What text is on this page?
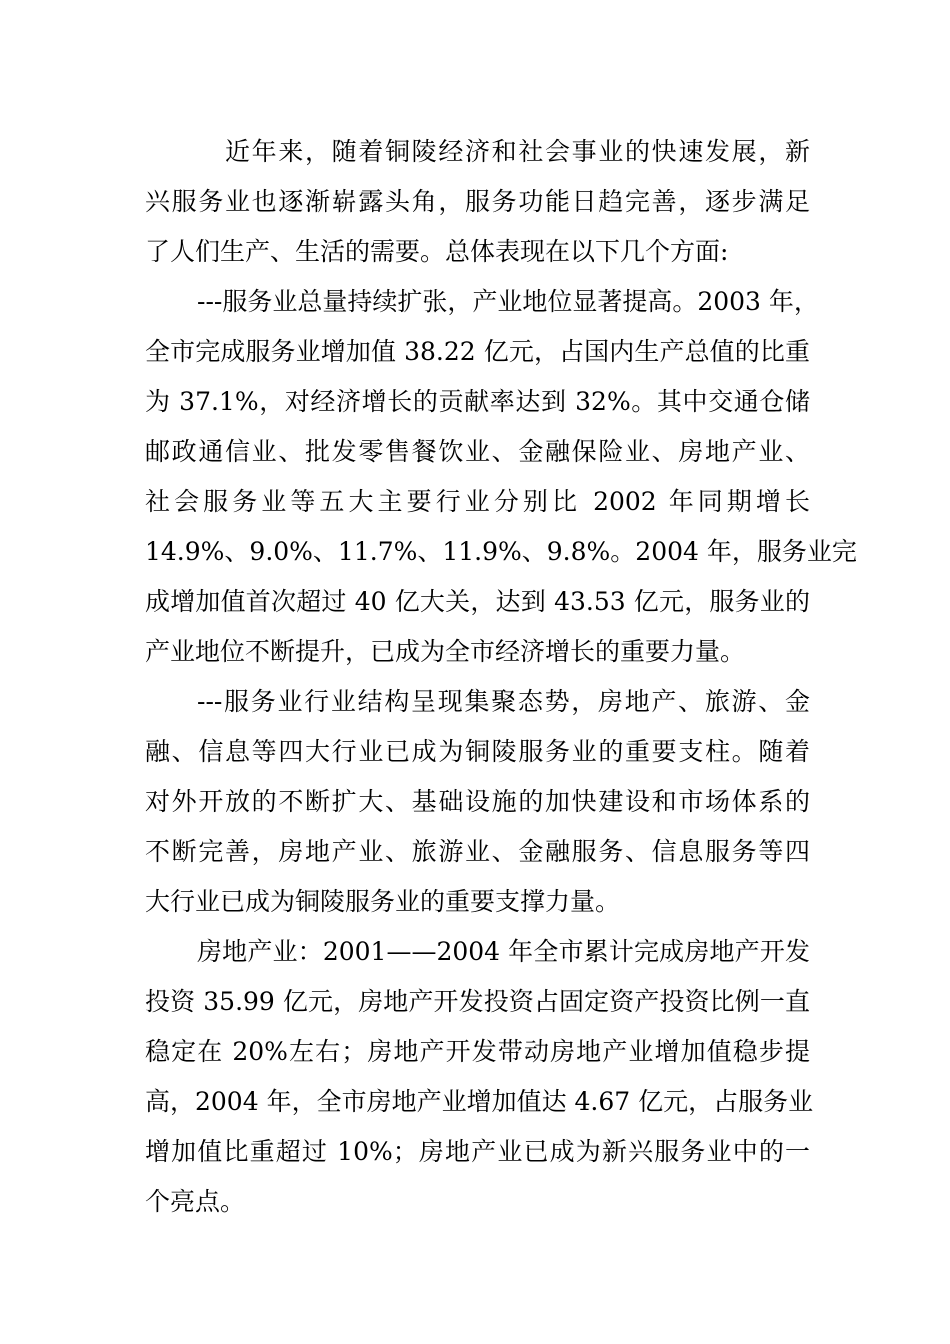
近年来，随着铜陵经济和社会事业的快速发展，新
兴服务业也逐渐崭露头角，服务功能日趋完善，逐步满足
了人们生产、生活的需要。总体表现在以下几个方面:
---服务业总量持续扩张，产业地位显著提高。2003 年，
全市完成服务业增加值 38.22 亿元，占国内生产总值的比重
为 37.1%，对经济增长的贡献率达到 32%。其中交通仓储
邮政通信业、批发零售餐饮业、金融保险业、房地产业、
社会服务业等五大主要行业分别比 2002 年同期增长
14.9%、9.0%、11.7%、11.9%、9.8%。2004 年，服务业完
成增加值首次超过 40 亿大关，达到 43.53 亿元，服务业的
产业地位不断提升，已成为全市经济增长的重要力量。
---服务业行业结构呈现集聚态势，房地产、旅游、金
融、信息等四大行业已成为铜陵服务业的重要支柱。随着
对外开放的不断扩大、基础设施的加快建设和市场体系的
不断完善，房地产业、旅游业、金融服务、信息服务等四
大行业已成为铜陵服务业的重要支撑力量。
房地产业：2001——2004 年全市累计完成房地产开发
投资 35.99 亿元，房地产开发投资占固定资产投资比例一直
稳定在 20%左右；房地产开发带动房地产业增加值稳步提
高，2004 年，全市房地产业增加值达 4.67 亿元，占服务业
增加值比重超过 10%；房地产业已成为新兴服务业中的一
个亮点。
